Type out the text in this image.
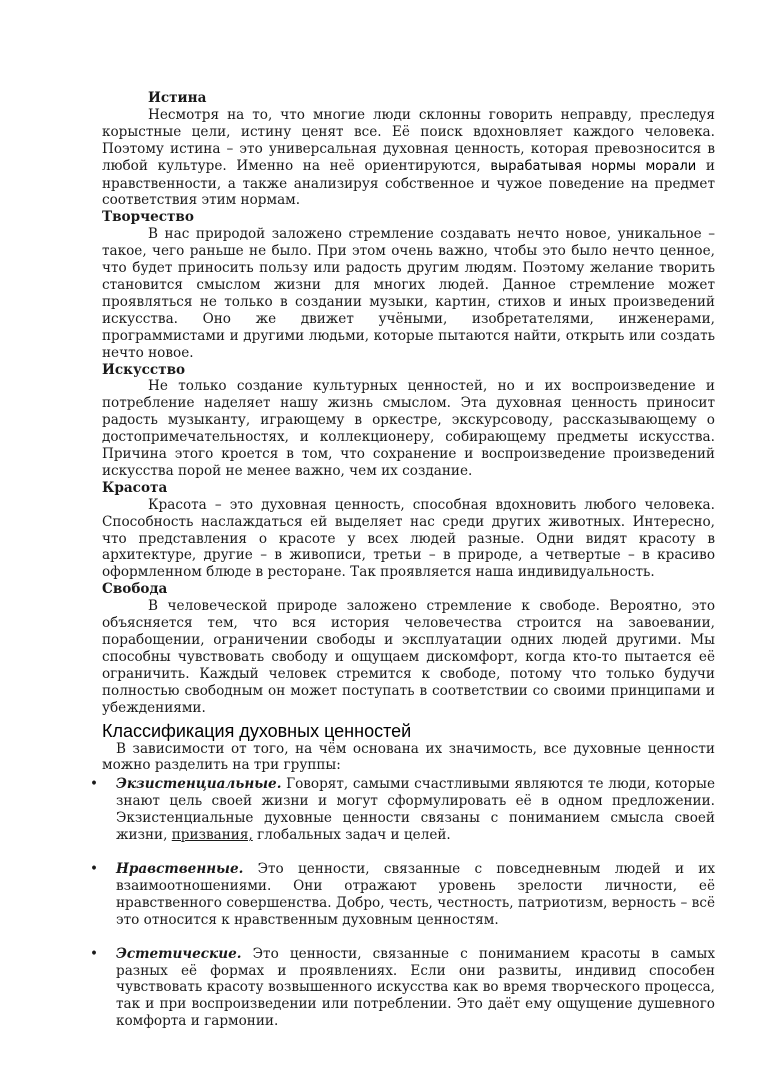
Истина

Несмотря на то, что многие люди склонны говорить неправду, преследуя корыстные цели, истину ценят все. Её поиск вдохновляет каждого человека. Поэтому истина – это универсальная духовная ценность, которая превозносится в любой культуре. Именно на неё ориентируются, вырабатывая нормы морали и нравственности, а также анализируя собственное и чужое поведение на предмет соответствия этим нормам.

Творчество

В нас природой заложено стремление создавать нечто новое, уникальное – такое, чего раньше не было. При этом очень важно, чтобы это было нечто ценное, что будет приносить пользу или радость другим людям. Поэтому желание творить становится смыслом жизни для многих людей. Данное стремление может проявляться не только в создании музыки, картин, стихов и иных произведений искусства. Оно же движет учёными, изобретателями, инженерами, программистами и другими людьми, которые пытаются найти, открыть или создать нечто новое.

Искусство

Не только создание культурных ценностей, но и их воспроизведение и потребление наделяет нашу жизнь смыслом. Эта духовная ценность приносит радость музыканту, играющему в оркестре, экскурсоводу, рассказывающему о достопримечательностях, и коллекционеру, собирающему предметы искусства. Причина этого кроется в том, что сохранение и воспроизведение произведений искусства порой не менее важно, чем их создание.

Красота

Красота – это духовная ценность, способная вдохновить любого человека. Способность наслаждаться ей выделяет нас среди других животных. Интересно, что представления о красоте у всех людей разные. Одни видят красоту в архитектуре, другие – в живописи, третьи – в природе, а четвертые – в красиво оформленном блюде в ресторане. Так проявляется наша индивидуальность.

Свобода

В человеческой природе заложено стремление к свободе. Вероятно, это объясняется тем, что вся история человечества строится на завоевании, порабощении, ограничении свободы и эксплуатации одних людей другими. Мы способны чувствовать свободу и ощущаем дискомфорт, когда кто-то пытается её ограничить. Каждый человек стремится к свободе, потому что только будучи полностью свободным он может поступать в соответствии со своими принципами и убеждениями.

Классификация духовных ценностей

В зависимости от того, на чём основана их значимость, все духовные ценности можно разделить на три группы:

• Экзистенциальные. Говорят, самыми счастливыми являются те люди, которые знают цель своей жизни и могут сформулировать её в одном предложении. Экзистенциальные духовные ценности связаны с пониманием смысла своей жизни, призвания, глобальных задач и целей.
• Нравственные. Это ценности, связанные с повседневным людей и их взаимоотношениями. Они отражают уровень зрелости личности, её нравственного совершенства. Добро, честь, честность, патриотизм, верность – всё это относится к нравственным духовным ценностям.
• Эстетические. Это ценности, связанные с пониманием красоты в самых разных её формах и проявлениях. Если они развиты, индивид способен чувствовать красоту возвышенного искусства как во время творческого процесса, так и при воспроизведении или потреблении. Это даёт ему ощущение душевного комфорта и гармонии.
